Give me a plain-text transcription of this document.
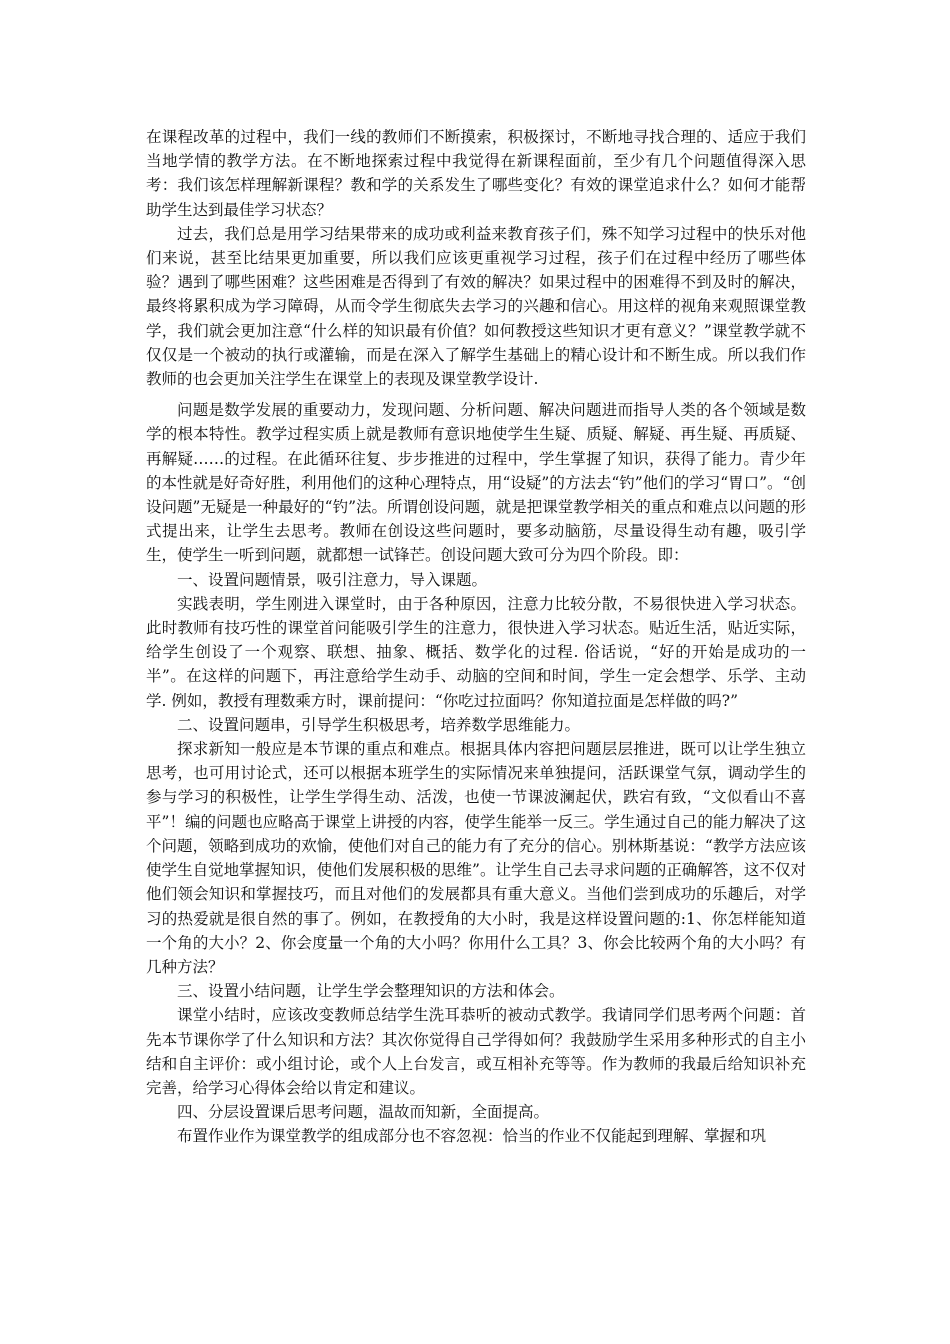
在课程改革的过程中，我们一线的教师们不断摸索，积极探讨，不断地寻找合理的、适应于我们当地学情的教学方法。在不断地探索过程中我觉得在新课程面前，至少有几个问题值得深入思考：我们该怎样理解新课程？教和学的关系发生了哪些变化？有效的课堂追求什么？如何才能帮助学生达到最佳学习状态？

过去，我们总是用学习结果带来的成功或利益来教育孩子们，殊不知学习过程中的快乐对他们来说，甚至比结果更加重要，所以我们应该更重视学习过程，孩子们在过程中经历了哪些体验？遇到了哪些困难？这些困难是否得到了有效的解决？如果过程中的困难得不到及时的解决，最终将累积成为学习障碍，从而令学生彻底失去学习的兴趣和信心。用这样的视角来观照课堂教学，我们就会更加注意“什么样的知识最有价值？如何教授这些知识才更有意义？”课堂教学就不仅仅是一个被动的执行或灌输，而是在深入了解学生基础上的精心设计和不断生成。所以我们作教师的也会更加关注学生在课堂上的表现及课堂教学设计.

问题是数学发展的重要动力，发现问题、分析问题、解决问题进而指导人类的各个领域是数学的根本特性。教学过程实质上就是教师有意识地使学生生疑、质疑、解疑、再生疑、再质疑、再解疑……的过程。在此循环往复、步步推进的过程中，学生掌握了知识，获得了能力。青少年的本性就是好奇好胜，利用他们的这种心理特点，用“设疑”的方法去“钓”他们的学习“胃口”。“创设问题”无疑是一种最好的“钓”法。所谓创设问题，就是把课堂教学相关的重点和难点以问题的形式提出来，让学生去思考。教师在创设这些问题时，要多动脑筋，尽量设得生动有趣，吸引学生，使学生一听到问题，就都想一试锋芒。创设问题大致可分为四个阶段。即：

一、设置问题情景，吸引注意力，导入课题。

实践表明，学生刚进入课堂时，由于各种原因，注意力比较分散，不易很快进入学习状态。此时教师有技巧性的课堂首问能吸引学生的注意力，很快进入学习状态。贴近生活，贴近实际，给学生创设了一个观察、联想、抽象、概括、数学化的过程. 俗话说，“好的开始是成功的一半”。在这样的问题下，再注意给学生动手、动脑的空间和时间，学生一定会想学、乐学、主动学. 例如，教授有理数乘方时，课前提问：“你吃过拉面吗？你知道拉面是怎样做的吗?”

二、设置问题串，引导学生积极思考，培养数学思维能力。

探求新知一般应是本节课的重点和难点。根据具体内容把问题层层推进，既可以让学生独立思考，也可用讨论式，还可以根据本班学生的实际情况来单独提问，活跃课堂气氛，调动学生的参与学习的积极性，让学生学得生动、活泼，也使一节课波澜起伏，跌宕有致，“文似看山不喜平”！编的问题也应略高于课堂上讲授的内容，使学生能举一反三。学生通过自己的能力解决了这个问题，领略到成功的欢愉，使他们对自己的能力有了充分的信心。别林斯基说：“教学方法应该使学生自觉地掌握知识，使他们发展积极的思维”。让学生自己去寻求问题的正确解答，这不仅对他们领会知识和掌握技巧，而且对他们的发展都具有重大意义。当他们尝到成功的乐趣后，对学习的热爱就是很自然的事了。例如，在教授角的大小时，我是这样设置问题的:1、你怎样能知道一个角的大小？2、你会度量一个角的大小吗？你用什么工具？3、你会比较两个角的大小吗？有几种方法？

三、设置小结问题，让学生学会整理知识的方法和体会。

课堂小结时，应该改变教师总结学生洗耳恭听的被动式教学。我请同学们思考两个问题：首先本节课你学了什么知识和方法？其次你觉得自己学得如何？我鼓励学生采用多种形式的自主小结和自主评价：或小组讨论，或个人上台发言，或互相补充等等。作为教师的我最后给知识补充完善，给学习心得体会给以肯定和建议。

四、分层设置课后思考问题，温故而知新，全面提高。

布置作业作为课堂教学的组成部分也不容忽视：恰当的作业不仅能起到理解、掌握和巩
